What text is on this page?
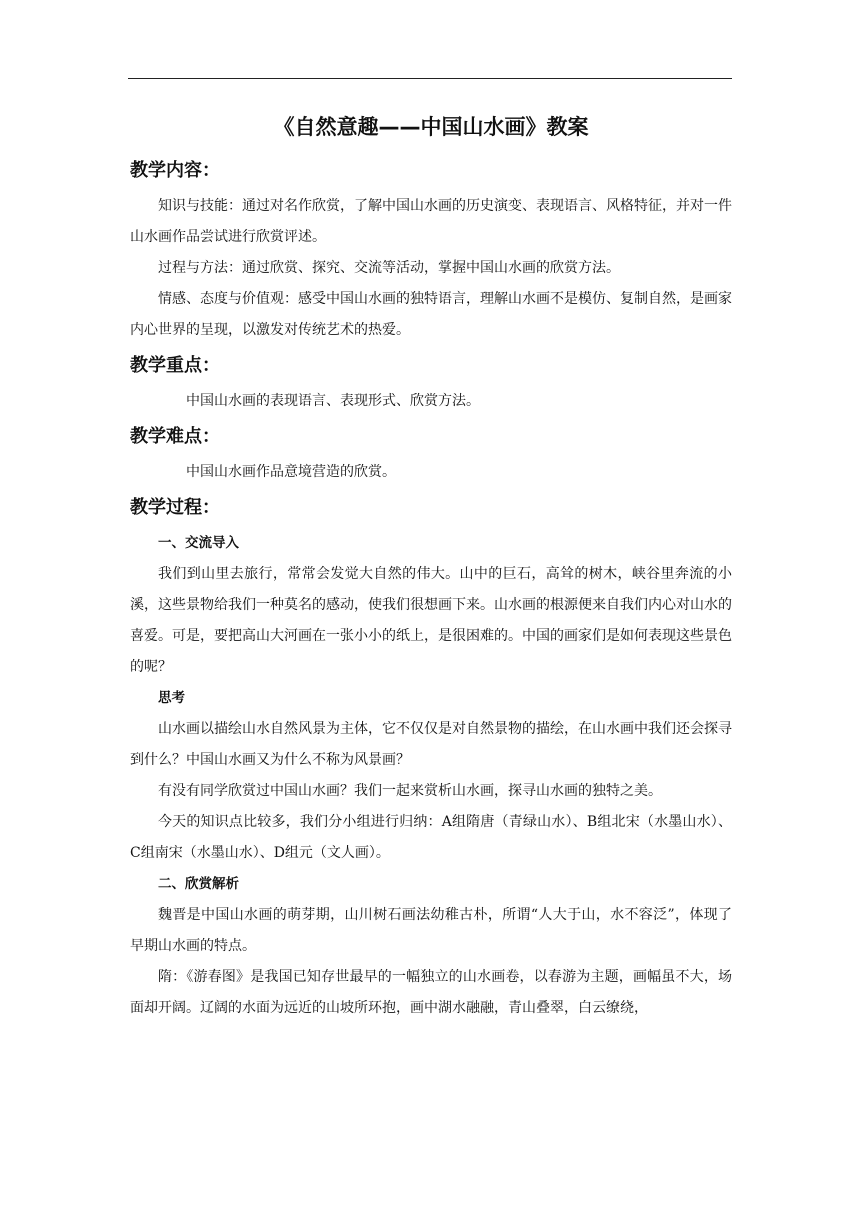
《自然意趣——中国山水画》教案
教学内容：

知识与技能：通过对名作欣赏，了解中国山水画的历史演变、表现语言、风格特征，并对一件山水画作品尝试进行欣赏评述。

过程与方法：通过欣赏、探究、交流等活动，掌握中国山水画的欣赏方法。

情感、态度与价值观：感受中国山水画的独特语言，理解山水画不是模仿、复制自然，是画家内心世界的呈现，以激发对传统艺术的热爱。

教学重点：

中国山水画的表现语言、表现形式、欣赏方法。

教学难点：

中国山水画作品意境营造的欣赏。

教学过程：
一、交流导入

我们到山里去旅行，常常会发觉大自然的伟大。山中的巨石，高耸的树木，峡谷里奔流的小溪，这些景物给我们一种莫名的感动，使我们很想画下来。山水画的根源便来自我们内心对山水的喜爱。可是，要把高山大河画在一张小小的纸上，是很困难的。中国的画家们是如何表现这些景色的呢？

思考

山水画以描绘山水自然风景为主体，它不仅仅是对自然景物的描绘，在山水画中我们还会探寻到什么？中国山水画又为什么不称为风景画？

有没有同学欣赏过中国山水画？我们一起来赏析山水画，探寻山水画的独特之美。

今天的知识点比较多，我们分小组进行归纳：A组隋唐（青绿山水）、B组北宋（水墨山水）、C组南宋（水墨山水）、D组元（文人画）。

二、欣赏解析

魏晋是中国山水画的萌芽期，山川树石画法幼稚古朴，所谓“人大于山，水不容泛”，体现了早期山水画的特点。

隋：《游春图》是我国已知存世最早的一幅独立的山水画卷，以春游为主题，画幅虽不大，场面却开阔。辽阔的水面为远近的山坡所环抱，画中湖水融融，青山叠翠，白云缭绕，
